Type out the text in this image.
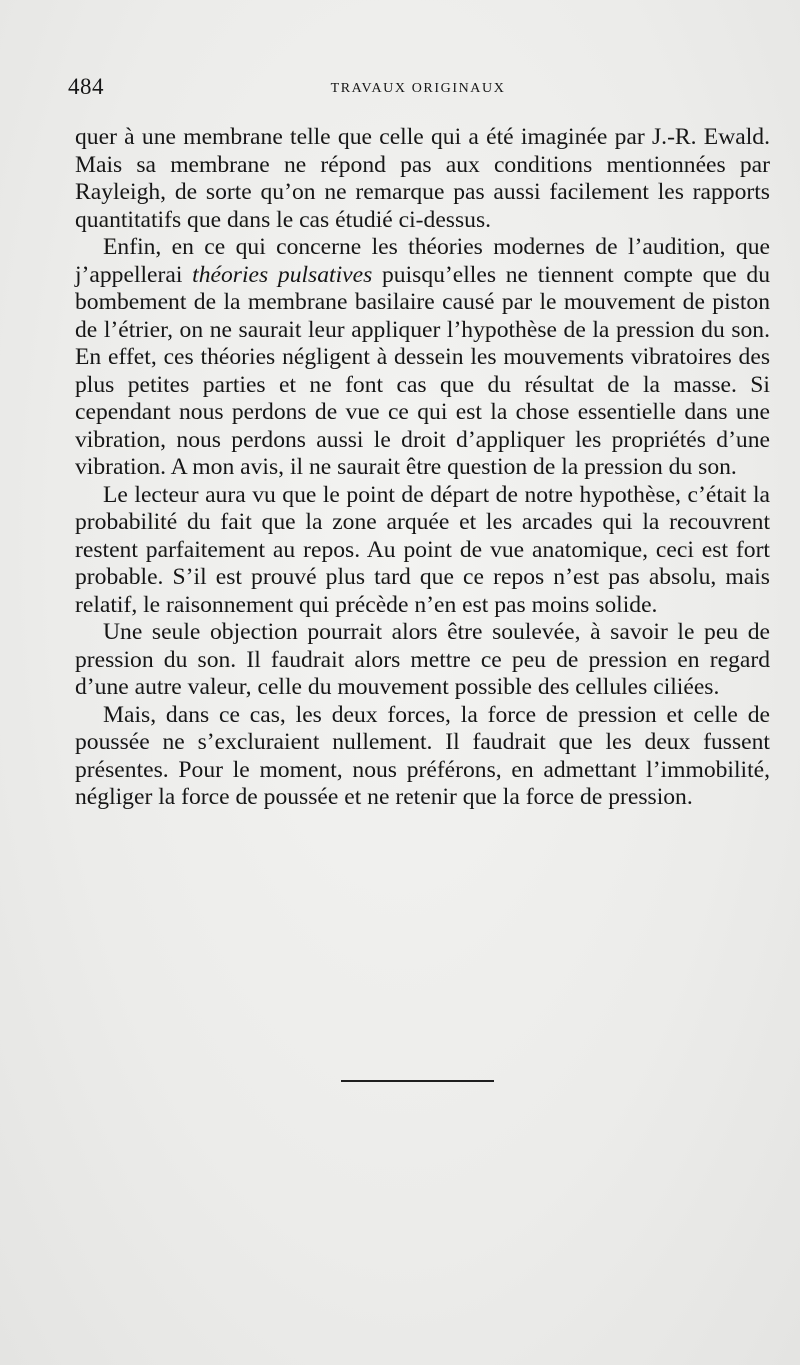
484	TRAVAUX ORIGINAUX

quer à une membrane telle que celle qui a été imaginée par J.-R. Ewald. Mais sa membrane ne répond pas aux conditions mentionnées par Rayleigh, de sorte qu’on ne remarque pas aussi facilement les rapports quantitatifs que dans le cas étudié ci-dessus.

Enfin, en ce qui concerne les théories modernes de l’audition, que j’appellerai théories pulsatives puisqu’elles ne tiennent compte que du bombement de la membrane basilaire causé par le mouvement de piston de l’étrier, on ne saurait leur appliquer l’hypothèse de la pression du son. En effet, ces théories négligent à dessein les mouvements vibratoires des plus petites parties et ne font cas que du résultat de la masse. Si cependant nous perdons de vue ce qui est la chose essentielle dans une vibration, nous perdons aussi le droit d’appliquer les propriétés d’une vibration. A mon avis, il ne saurait être question de la pression du son.

Le lecteur aura vu que le point de départ de notre hypothèse, c’était la probabilité du fait que la zone arquée et les arcades qui la recouvrent restent parfaitement au repos. Au point de vue anatomique, ceci est fort probable. S’il est prouvé plus tard que ce repos n’est pas absolu, mais relatif, le raisonnement qui précède n’en est pas moins solide.

Une seule objection pourrait alors être soulevée, à savoir le peu de pression du son. Il faudrait alors mettre ce peu de pression en regard d’une autre valeur, celle du mouvement possible des cellules ciliées.

Mais, dans ce cas, les deux forces, la force de pression et celle de poussée ne s’excluraient nullement. Il faudrait que les deux fussent présentes. Pour le moment, nous préférons, en admettant l’immobilité, négliger la force de poussée et ne retenir que la force de pression.
